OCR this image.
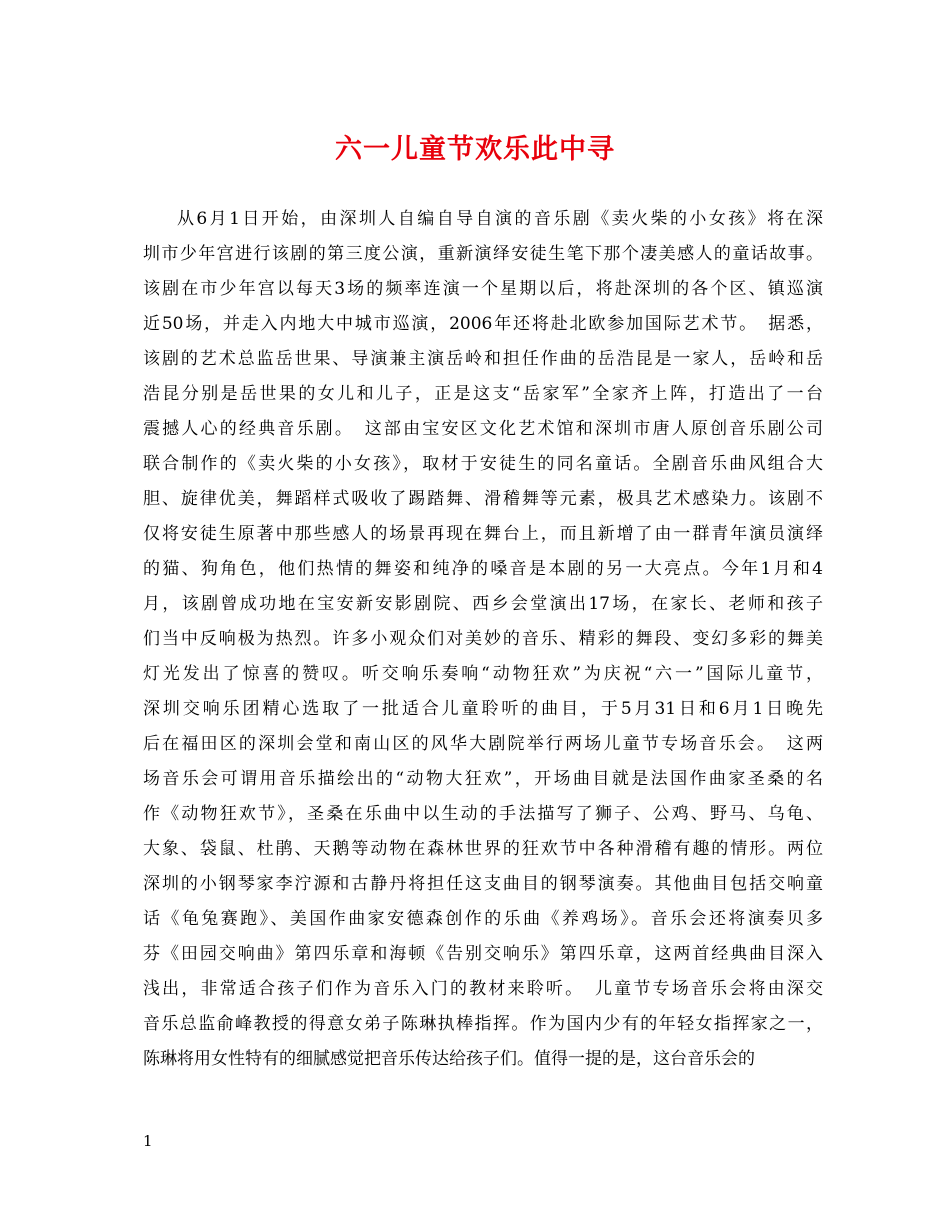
六一儿童节欢乐此中寻
从6月1日开始，由深圳人自编自导自演的音乐剧《卖火柴的小女孩》将在深
圳市少年宫进行该剧的第三度公演，重新演绎安徒生笔下那个凄美感人的童话故事。
该剧在市少年宫以每天3场的频率连演一个星期以后，将赴深圳的各个区、镇巡演
近50场，并走入内地大中城市巡演，2006年还将赴北欧参加国际艺术节。　据悉，
该剧的艺术总监岳世果、导演兼主演岳岭和担任作曲的岳浩昆是一家人，岳岭和岳
浩昆分别是岳世果的女儿和儿子，正是这支“岳家军”全家齐上阵，打造出了一台
震撼人心的经典音乐剧。　这部由宝安区文化艺术馆和深圳市唐人原创音乐剧公司
联合制作的《卖火柴的小女孩》，取材于安徒生的同名童话。全剧音乐曲风组合大
胆、旋律优美，舞蹈样式吸收了踢踏舞、滑稽舞等元素，极具艺术感染力。该剧不
仅将安徒生原著中那些感人的场景再现在舞台上，而且新增了由一群青年演员演绎
的猫、狗角色，他们热情的舞姿和纯净的嗓音是本剧的另一大亮点。今年1月和4
月，该剧曾成功地在宝安新安影剧院、西乡会堂演出17场，在家长、老师和孩子
们当中反响极为热烈。许多小观众们对美妙的音乐、精彩的舞段、变幻多彩的舞美
灯光发出了惊喜的赞叹。听交响乐奏响“动物狂欢”为庆祝“六一”国际儿童节，
深圳交响乐团精心选取了一批适合儿童聆听的曲目，于5月31日和6月1日晚先
后在福田区的深圳会堂和南山区的风华大剧院举行两场儿童节专场音乐会。　这两
场音乐会可谓用音乐描绘出的“动物大狂欢”，开场曲目就是法国作曲家圣桑的名
作《动物狂欢节》，圣桑在乐曲中以生动的手法描写了狮子、公鸡、野马、乌龟、
大象、袋鼠、杜鹃、天鹅等动物在森林世界的狂欢节中各种滑稽有趣的情形。两位
深圳的小钢琴家李泞源和古静丹将担任这支曲目的钢琴演奏。其他曲目包括交响童
话《龟兔赛跑》、美国作曲家安德森创作的乐曲《养鸡场》。音乐会还将演奏贝多
芬《田园交响曲》第四乐章和海顿《告别交响乐》第四乐章，这两首经典曲目深入
浅出，非常适合孩子们作为音乐入门的教材来聆听。　儿童节专场音乐会将由深交
音乐总监俞峰教授的得意女弟子陈琳执棒指挥。作为国内少有的年轻女指挥家之一，
陈琳将用女性特有的细腻感觉把音乐传达给孩子们。值得一提的是，这台音乐会的
1
